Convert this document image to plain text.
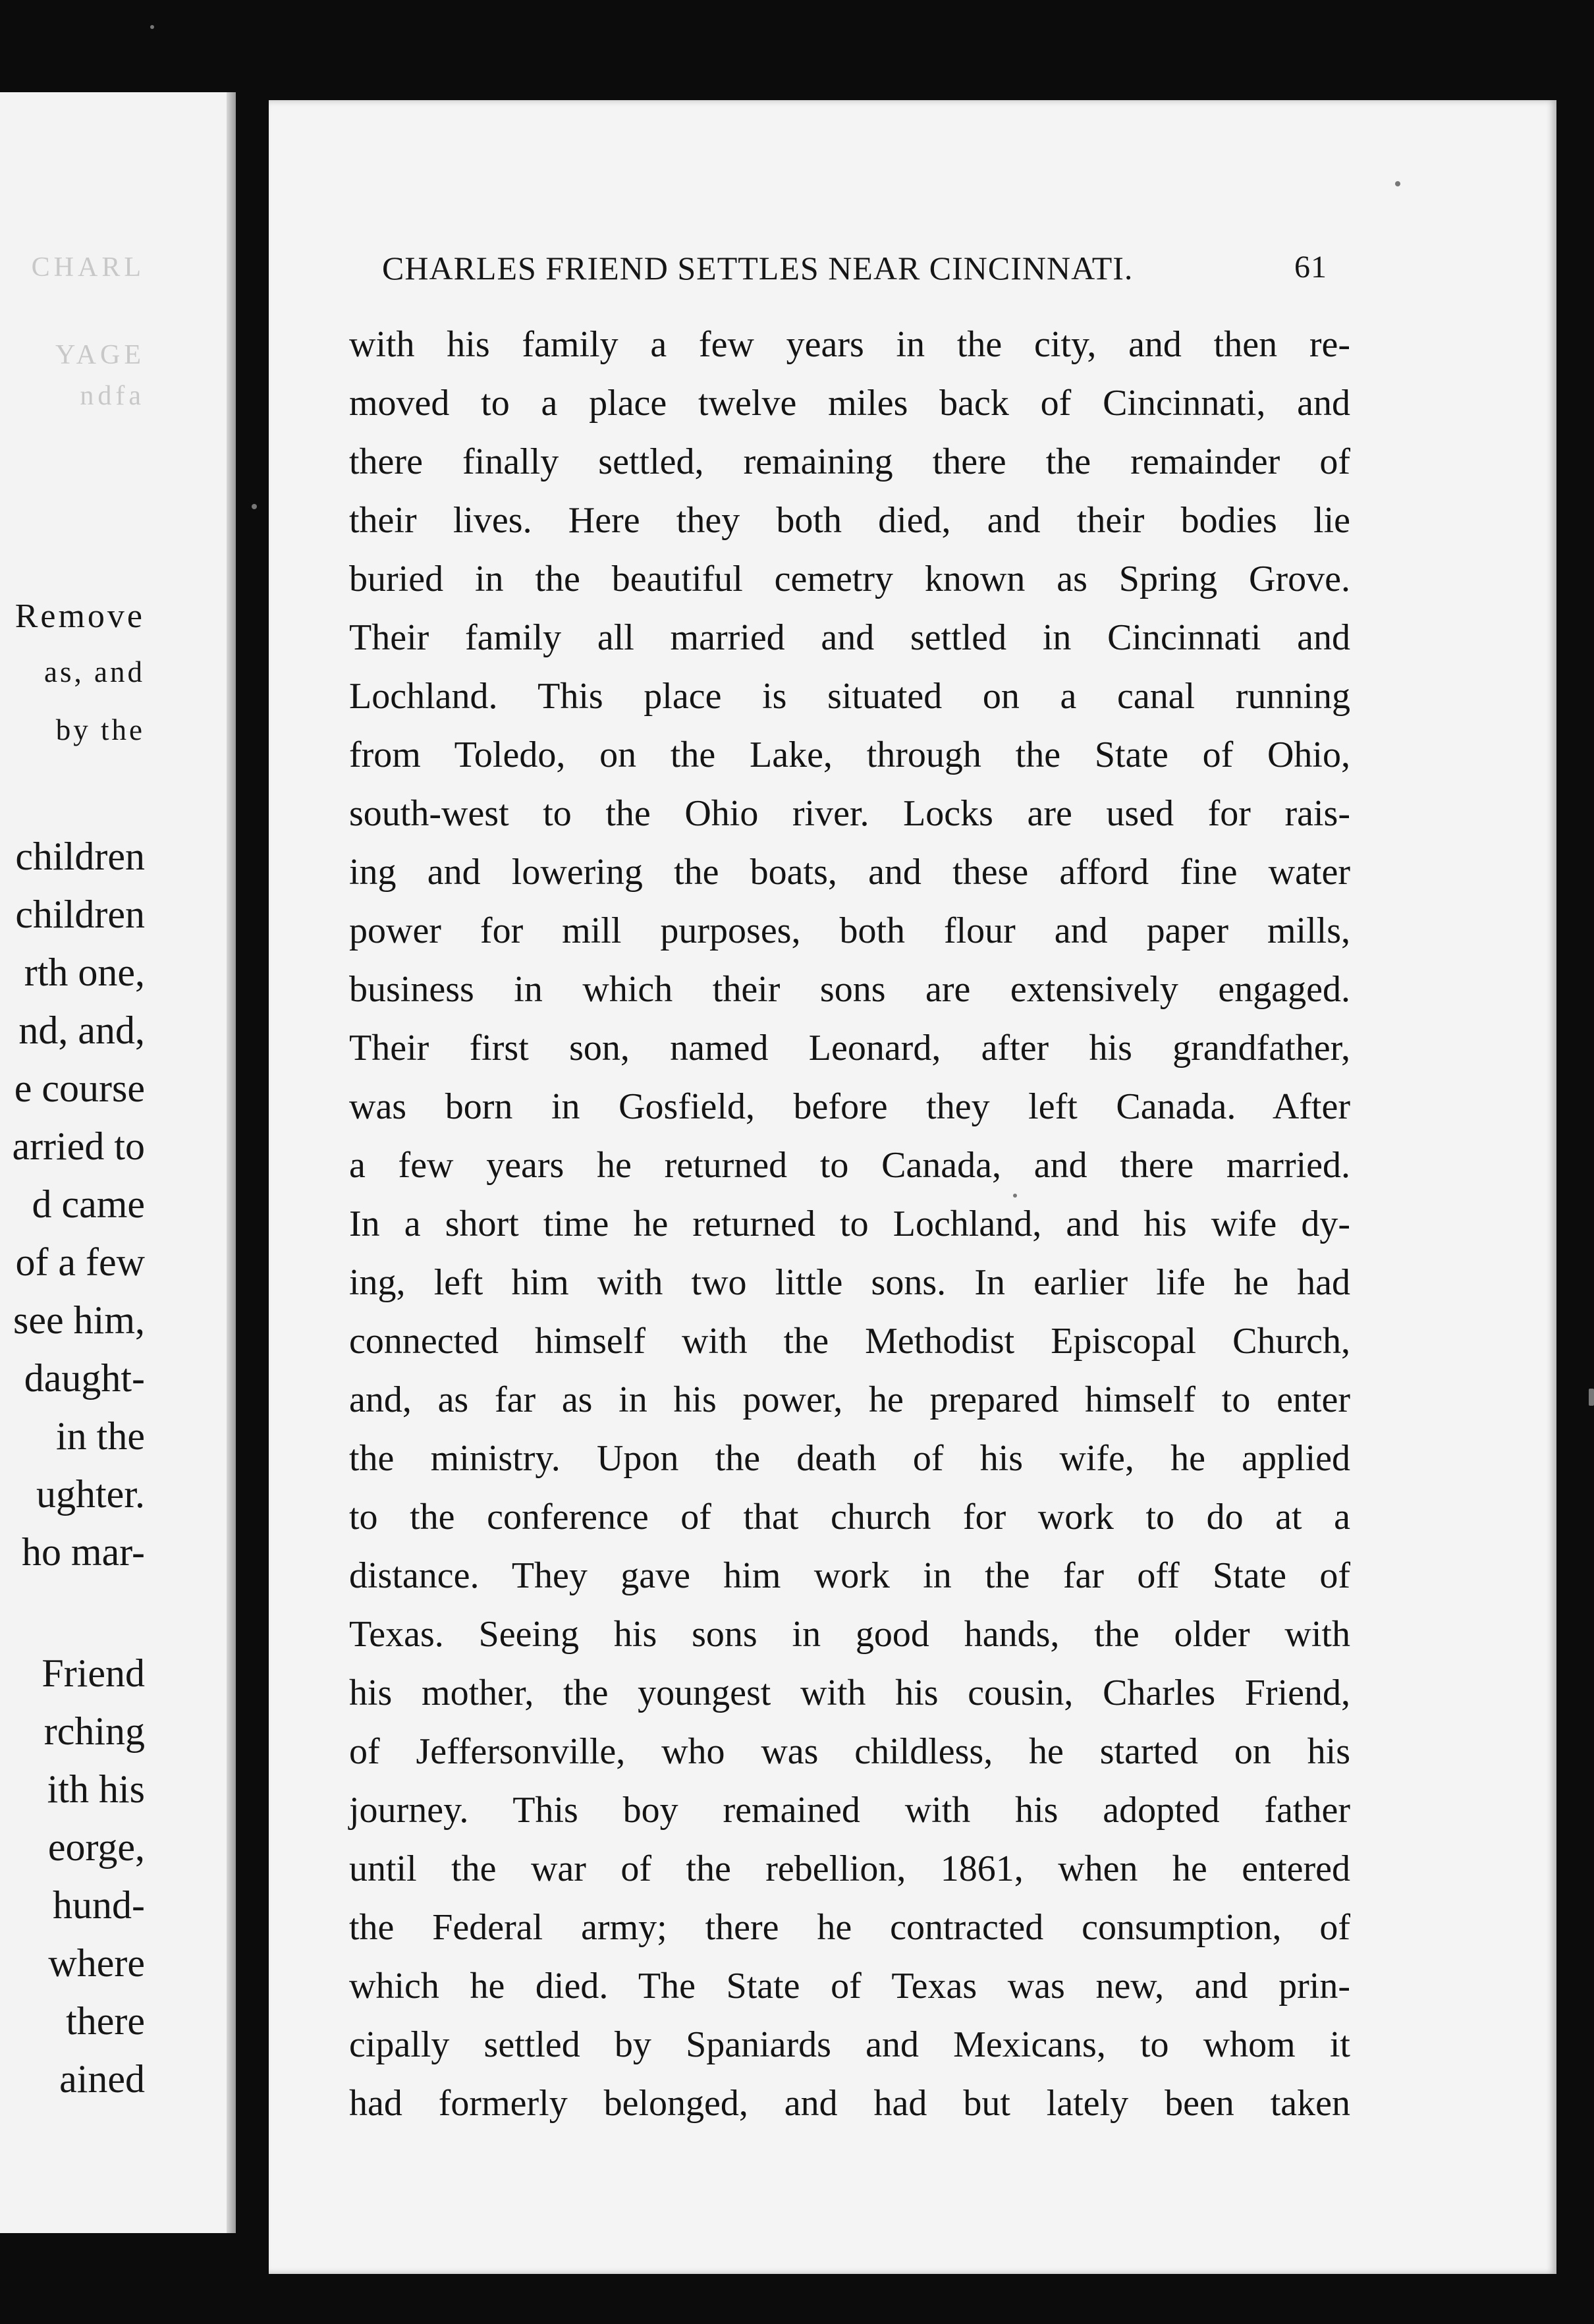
CHARL
YAGE
ndfa
Remove
as, and
by the
children
children
rth one,
nd, and,
e course
arried to
d came
of a few
see him,
daught-
in the
ughter.
ho mar-
Friend
rching
ith his
eorge,
hund-
where
there
ained
CHARLES FRIEND SETTLES NEAR CINCINNATI.	61
with his family a few years in the city, and then re-
moved to a place twelve miles back of Cincinnati, and
there finally settled, remaining there the remainder of
their lives. Here they both died, and their bodies lie
buried in the beautiful cemetry known as Spring Grove.
Their family all married and settled in Cincinnati and
Lochland. This place is situated on a canal running
from Toledo, on the Lake, through the State of Ohio,
south-west to the Ohio river. Locks are used for rais-
ing and lowering the boats, and these afford fine water
power for mill purposes, both flour and paper mills,
business in which their sons are extensively engaged.
Their first son, named Leonard, after his grandfather,
was born in Gosfield, before they left Canada. After
a few years he returned to Canada, and there married.
In a short time he returned to Lochland, and his wife dy-
ing, left him with two little sons. In earlier life he had
connected himself with the Methodist Episcopal Church,
and, as far as in his power, he prepared himself to enter
the ministry. Upon the death of his wife, he applied
to the conference of that church for work to do at a
distance. They gave him work in the far off State of
Texas. Seeing his sons in good hands, the older with
his mother, the youngest with his cousin, Charles Friend,
of Jeffersonville, who was childless, he started on his
journey. This boy remained with his adopted father
until the war of the rebellion, 1861, when he entered
the Federal army; there he contracted consumption, of
which he died. The State of Texas was new, and prin-
cipally settled by Spaniards and Mexicans, to whom it
had formerly belonged, and had but lately been taken
